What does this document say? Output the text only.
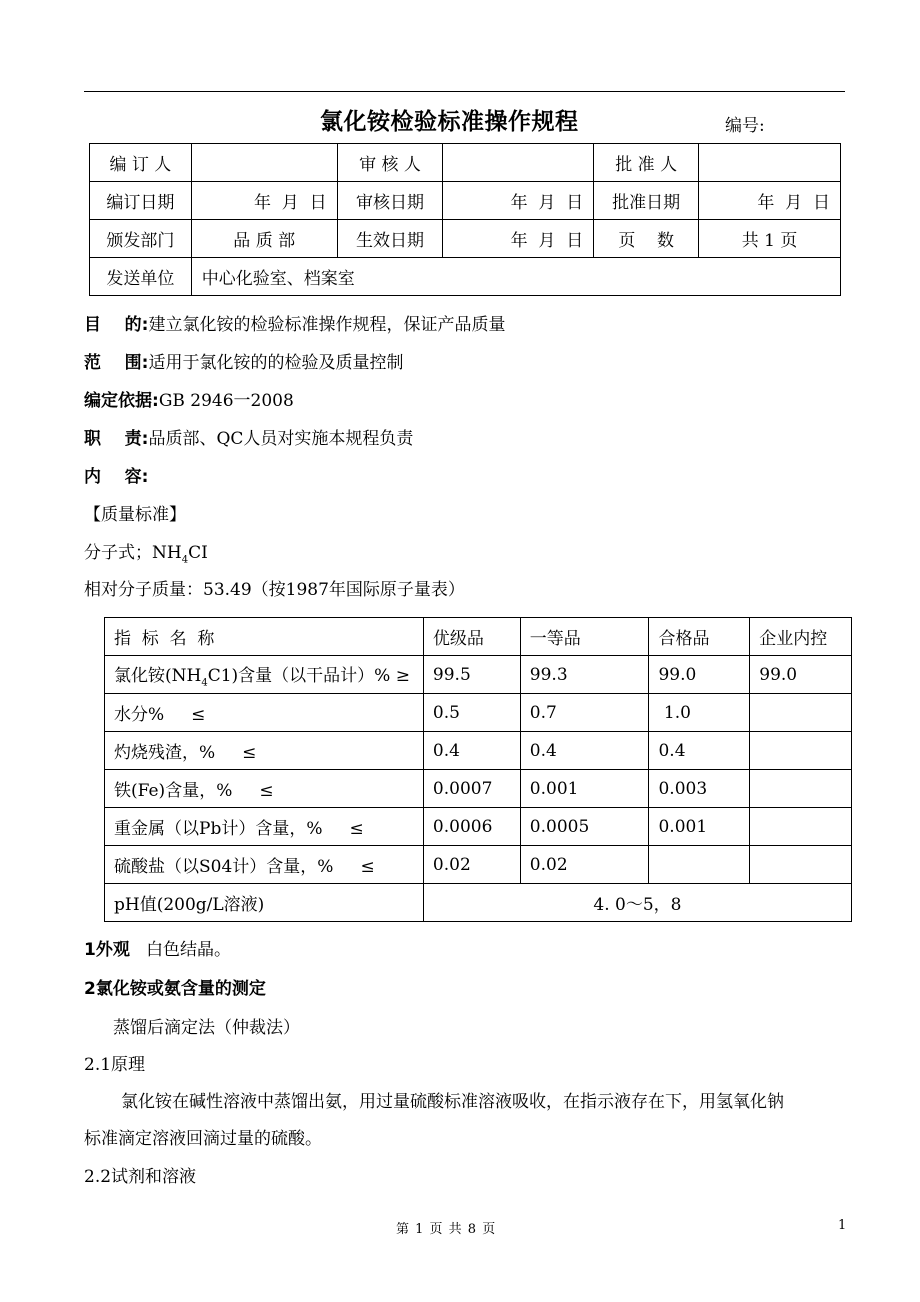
氯化铵检验标准操作规程	编号:
编 订 人		审 核 人		批 准 人	
编订日期	年  月  日	审核日期	年  月  日	批准日期	年  月  日
颁发部门	品 质 部	生效日期	年  月  日	页    数	共 1 页
发送单位	中心化验室、档案室				
目    的:建立氯化铵的检验标准操作规程，保证产品质量
范    围:适用于氯化铵的的检验及质量控制
编定依据:GB 2946一2008
职    责:品质部、QC人员对实施本规程负责
内    容:
【质量标准】
分子式；$NH_4CI$
相对分子质量：53.49（按1987年国际原子量表）
指  标  名  称	优级品	一等品	合格品	企业内控
氯化铵$(NH_4C1)$含量（以干品计）% ≥	99.5	99.3	99.0	99.0
水分%     ≤	0.5	0.7	1.0	
灼烧残渣，%     ≤	0.4	0.4	0.4	
铁(Fe)含量，%     ≤	0.0007	0.001	0.003	
重金属（以Pb计）含量，%     ≤	0.0006	0.0005	0.001	
硫酸盐（以S04计）含量，%     ≤	0.02	0.02		
pH值(200g/L溶液)	4. 0～5，8			
1外观 白色结晶。
2氯化铵或氨含量的测定
蒸馏后滴定法（仲裁法）
2.1原理
氯化铵在碱性溶液中蒸馏出氨，用过量硫酸标准溶液吸收，在指示液存在下，用氢氧化钠
标准滴定溶液回滴过量的硫酸。
2.2试剂和溶液
第 1 页 共 8 页	1
